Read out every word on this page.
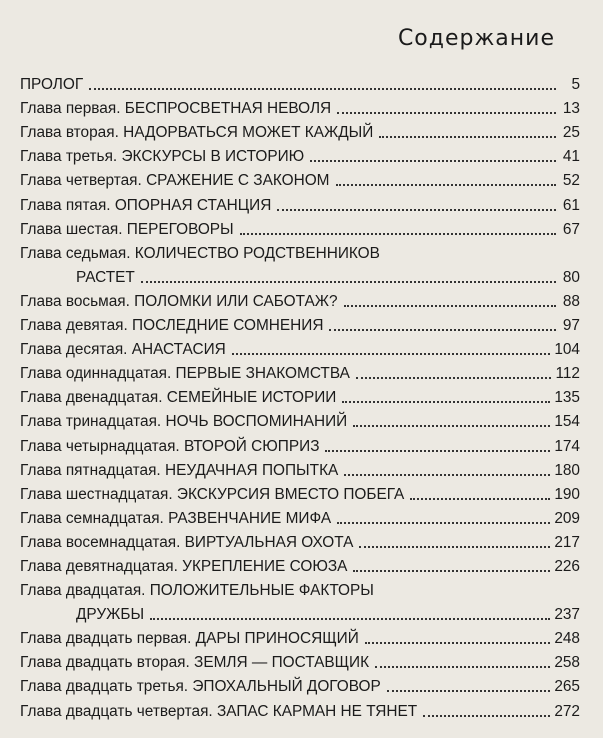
Содержание
ПРОЛОГ	5
Глава первая. БЕСПРОСВЕТНАЯ НЕВОЛЯ	13
Глава вторая. НАДОРВАТЬСЯ МОЖЕТ КАЖДЫЙ	25
Глава третья. ЭКСКУРСЫ В ИСТОРИЮ	41
Глава четвертая. СРАЖЕНИЕ С ЗАКОНОМ	52
Глава пятая. ОПОРНАЯ СТАНЦИЯ	61
Глава шестая. ПЕРЕГОВОРЫ	67
Глава седьмая. КОЛИЧЕСТВО РОДСТВЕННИКОВ
РАСТЕТ	80
Глава восьмая. ПОЛОМКИ ИЛИ САБОТАЖ?	88
Глава девятая. ПОСЛЕДНИЕ СОМНЕНИЯ	97
Глава десятая. АНАСТАСИЯ	104
Глава одиннадцатая. ПЕРВЫЕ ЗНАКОМСТВА	112
Глава двенадцатая. СЕМЕЙНЫЕ ИСТОРИИ	135
Глава тринадцатая. НОЧЬ ВОСПОМИНАНИЙ	154
Глава четырнадцатая. ВТОРОЙ СЮПРИЗ	174
Глава пятнадцатая. НЕУДАЧНАЯ ПОПЫТКА	180
Глава шестнадцатая. ЭКСКУРСИЯ ВМЕСТО ПОБЕГА	190
Глава семнадцатая. РАЗВЕНЧАНИЕ МИФА	209
Глава восемнадцатая. ВИРТУАЛЬНАЯ ОХОТА	217
Глава девятнадцатая. УКРЕПЛЕНИЕ СОЮЗА	226
Глава двадцатая. ПОЛОЖИТЕЛЬНЫЕ ФАКТОРЫ
ДРУЖБЫ	237
Глава двадцать первая. ДАРЫ ПРИНОСЯЩИЙ	248
Глава двадцать вторая. ЗЕМЛЯ — ПОСТАВЩИК	258
Глава двадцать третья. ЭПОХАЛЬНЫЙ ДОГОВОР	265
Глава двадцать четвертая. ЗАПАС КАРМАН НЕ ТЯНЕТ	272
